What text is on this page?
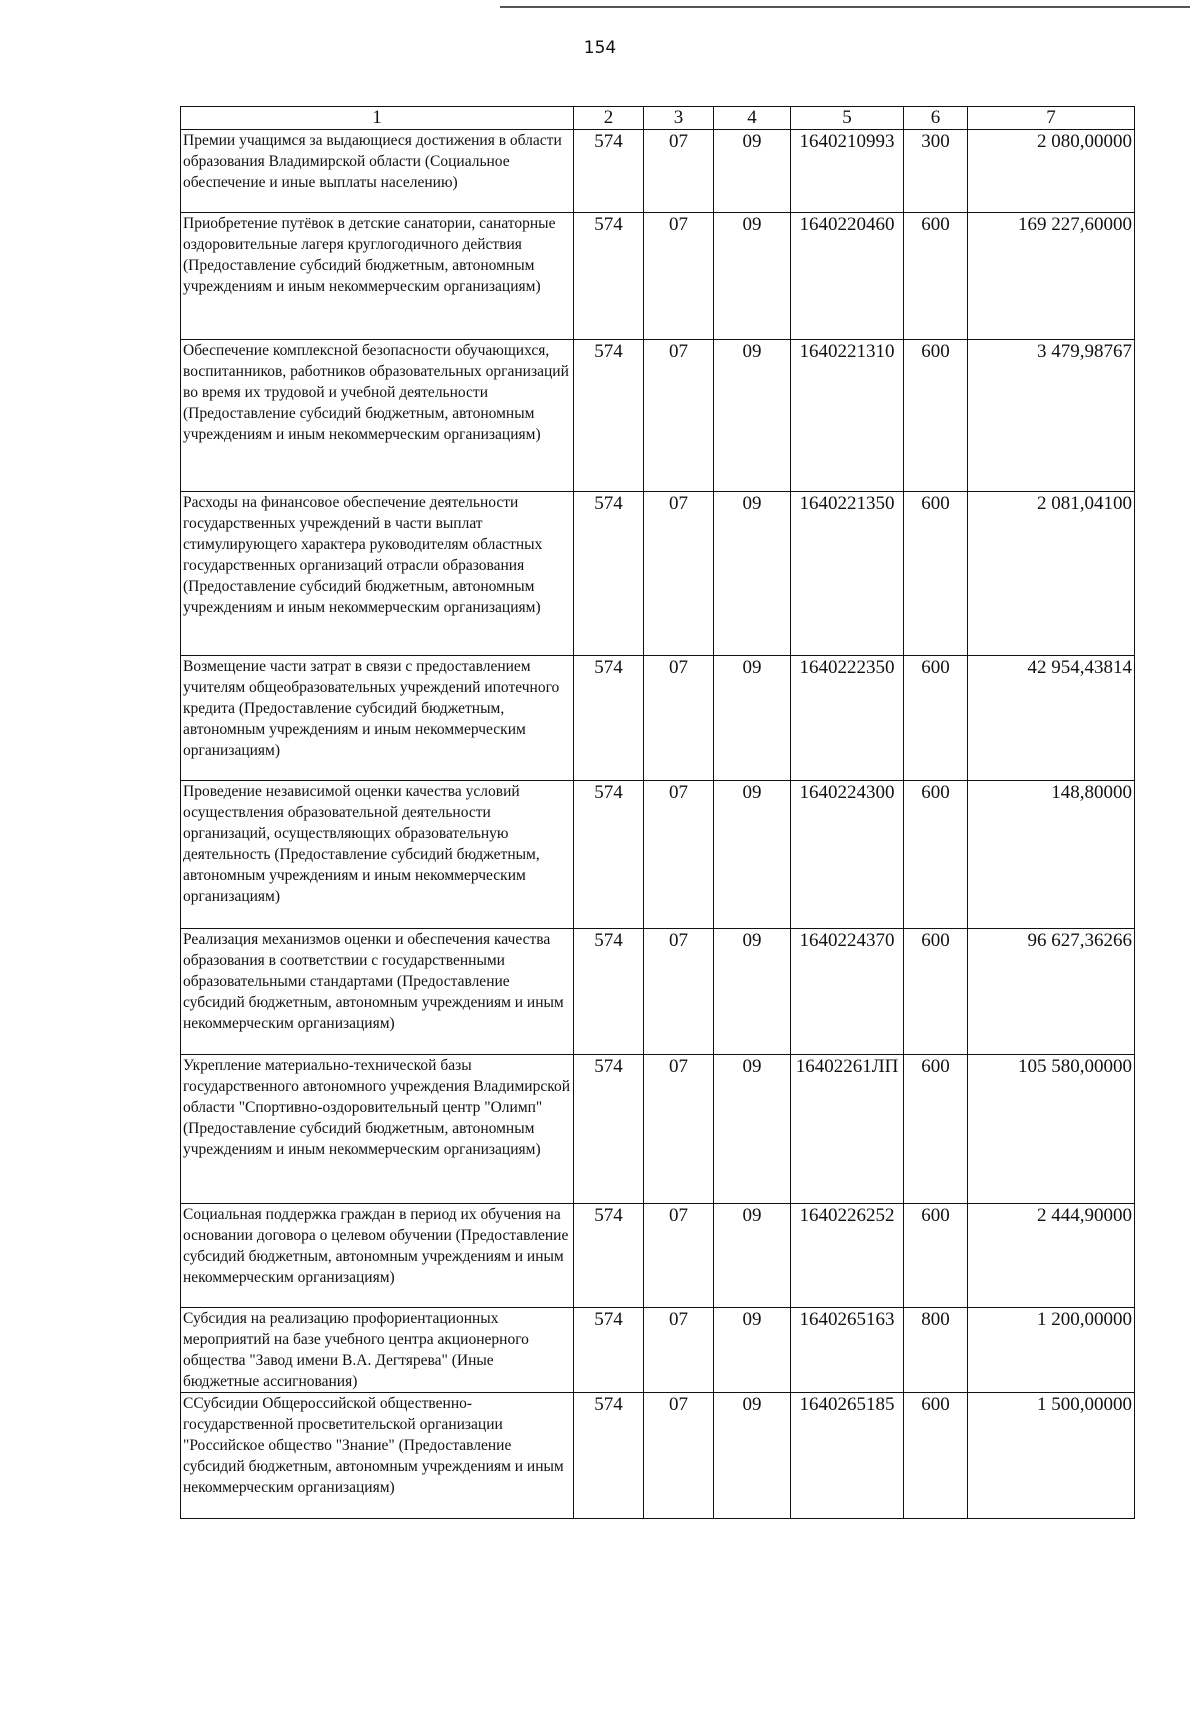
154
1	2	3	4	5	6	7
Премии учащимся за выдающиеся достижения в области образования Владимирской области (Социальное обеспечение и иные выплаты населению)	574	07	09	1640210993	300	2 080,00000
Приобретение путёвок в детские санатории, санаторные оздоровительные лагеря круглогодичного действия (Предоставление субсидий бюджетным, автономным учреждениям и иным некоммерческим организациям)	574	07	09	1640220460	600	169 227,60000
Обеспечение комплексной безопасности обучающихся, воспитанников, работников образовательных организаций во время их трудовой и учебной деятельности (Предоставление субсидий бюджетным, автономным учреждениям и иным некоммерческим организациям)	574	07	09	1640221310	600	3 479,98767
Расходы на финансовое обеспечение деятельности государственных учреждений в части выплат стимулирующего характера руководителям областных государственных организаций отрасли образования (Предоставление субсидий бюджетным, автономным учреждениям и иным некоммерческим организациям)	574	07	09	1640221350	600	2 081,04100
Возмещение части затрат в связи с предоставлением учителям общеобразовательных учреждений ипотечного кредита (Предоставление субсидий бюджетным, автономным учреждениям и иным некоммерческим организациям)	574	07	09	1640222350	600	42 954,43814
Проведение независимой оценки качества условий осуществления образовательной деятельности организаций, осуществляющих образовательную деятельность (Предоставление субсидий бюджетным, автономным учреждениям и иным некоммерческим организациям)	574	07	09	1640224300	600	148,80000
Реализация механизмов оценки и обеспечения качества образования в соответствии с государственными образовательными стандартами (Предоставление субсидий бюджетным, автономным учреждениям и иным некоммерческим организациям)	574	07	09	1640224370	600	96 627,36266
Укрепление материально-технической базы государственного автономного учреждения Владимирской области "Спортивно-оздоровительный центр "Олимп" (Предоставление субсидий бюджетным, автономным учреждениям и иным некоммерческим организациям)	574	07	09	16402261ЛП	600	105 580,00000
Социальная поддержка граждан в период их обучения на основании договора о целевом обучении (Предоставление субсидий бюджетным, автономным учреждениям и иным некоммерческим организациям)	574	07	09	1640226252	600	2 444,90000
Субсидия на реализацию профориентационных мероприятий на базе учебного центра акционерного общества "Завод имени В.А. Дегтярева" (Иные бюджетные ассигнования)	574	07	09	1640265163	800	1 200,00000
ССубсидии Общероссийской общественно-государственной просветительской организации "Российское общество "Знание" (Предоставление субсидий бюджетным, автономным учреждениям и иным некоммерческим организациям)	574	07	09	1640265185	600	1 500,00000
